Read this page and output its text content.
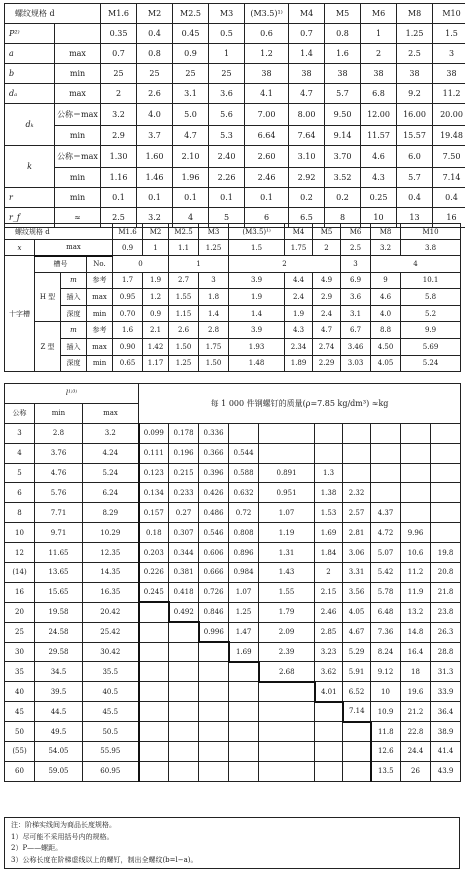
螺纹规格 d		M1.6	M2	M2.5	M3	(M3.5)¹⁾	M4	M5	M6	M8	M10
P²⁾		0.35	0.4	0.45	0.5	0.6	0.7	0.8	1	1.25	1.5
a	max	0.7	0.8	0.9	1	1.2	1.4	1.6	2	2.5	3
b	min	25	25	25	25	38	38	38	38	38	38
dₐ	max	2	2.6	3.1	3.6	4.1	4.7	5.7	6.8	9.2	11.2
dₖ	公称＝max	3.2	4.0	5.0	5.6	7.00	8.00	9.50	12.00	16.00	20.00
	min	2.9	3.7	4.7	5.3	6.64	7.64	9.14	11.57	15.57	19.48
k	公称＝max	1.30	1.60	2.10	2.40	2.60	3.10	3.70	4.6	6.0	7.50
	min	1.16	1.46	1.96	2.26	2.46	2.92	3.52	4.3	5.7	7.14
r	min	0.1	0.1	0.1	0.1	0.1	0.2	0.2	0.25	0.4	0.4
r_f	≈	2.5	3.2	4	5	6	6.5	8	10	13	16
螺纹规格 d				M1.6	M2	M2.5	M3	(M3.5)¹⁾	M4	M5	M6	M8	M10
x	max			0.9	1	1.1	1.25	1.5	1.75	2	2.5	3.2	3.8
十字槽	槽号		No.	0		1		2			3	4	
	H 型	m	参考	1.7	1.9	2.7	3	3.9	4.4	4.9	6.9	9	10.1
		插入	max	0.95	1.2	1.55	1.8	1.9	2.4	2.9	3.6	4.6	5.8
		深度	min	0.70	0.9	1.15	1.4	1.4	1.9	2.4	3.1	4.0	5.2
	Z 型	m	参考	1.6	2.1	2.6	2.8	3.9	4.3	4.7	6.7	8.8	9.9
		插入	max	0.90	1.42	1.50	1.75	1.93	2.34	2.74	3.46	4.50	5.69
		深度	min	0.65	1.17	1.25	1.50	1.48	1.89	2.29	3.03	4.05	5.24
l¹⁾³⁾			每 1 000 件钢螺钉的质量(ρ=7.85 kg/dm³) ≈kg									
公称	min	max										
3	2.8	3.2	0.099	0.178	0.336							
4	3.76	4.24	0.111	0.196	0.366	0.544						
5	4.76	5.24	0.123	0.215	0.396	0.588	0.891	1.3				
6	5.76	6.24	0.134	0.233	0.426	0.632	0.951	1.38	2.32			
8	7.71	8.29	0.157	0.27	0.486	0.72	1.07	1.53	2.57	4.37		
10	9.71	10.29	0.18	0.307	0.546	0.808	1.19	1.69	2.81	4.72	9.96	
12	11.65	12.35	0.203	0.344	0.606	0.896	1.31	1.84	3.06	5.07	10.6	19.8
(14)	13.65	14.35	0.226	0.381	0.666	0.984	1.43	2	3.31	5.42	11.2	20.8
16	15.65	16.35	0.245	0.418	0.726	1.07	1.55	2.15	3.56	5.78	11.9	21.8
20	19.58	20.42		0.492	0.846	1.25	1.79	2.46	4.05	6.48	13.2	23.8
25	24.58	25.42			0.996	1.47	2.09	2.85	4.67	7.36	14.8	26.3
30	29.58	30.42				1.69	2.39	3.23	5.29	8.24	16.4	28.8
35	34.5	35.5					2.68	3.62	5.91	9.12	18	31.3
40	39.5	40.5						4.01	6.52	10	19.6	33.9
45	44.5	45.5							7.14	10.9	21.2	36.4
50	49.5	50.5								11.8	22.8	38.9
(55)	54.05	55.95								12.6	24.4	41.4
60	59.05	60.95								13.5	26	43.9
注：阶梯实线间为商品长度规格。
1）尽可能不采用括号内的规格。
2）P——螺距。
3）公称长度在阶梯虚线以上的螺钉，制出全螺纹(b=l−a)。
